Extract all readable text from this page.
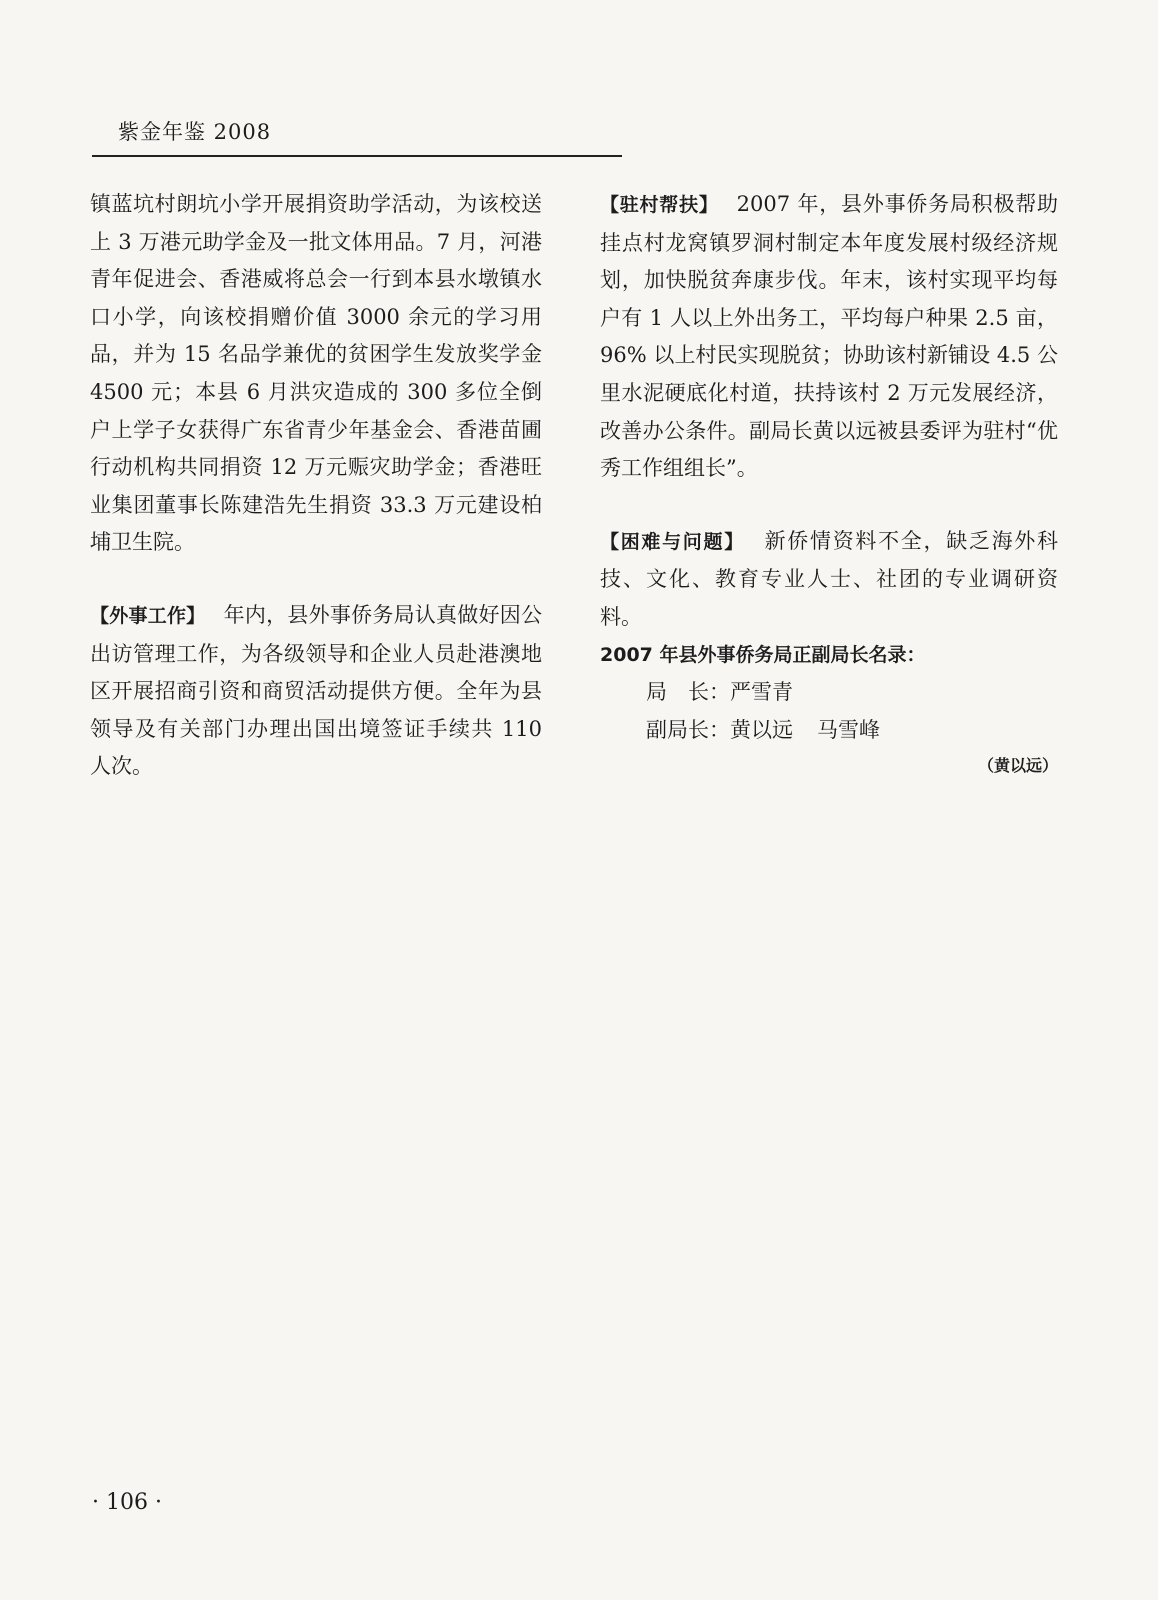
紫金年鉴 2008

镇蓝坑村朗坑小学开展捐资助学活动，为该校送上 3 万港元助学金及一批文体用品。7 月，河港青年促进会、香港威将总会一行到本县水墩镇水口小学，向该校捐赠价值 3000 余元的学习用品，并为 15 名品学兼优的贫困学生发放奖学金 4500 元；本县 6 月洪灾造成的 300 多位全倒户上学子女获得广东省青少年基金会、香港苗圃行动机构共同捐资 12 万元赈灾助学金；香港旺业集团董事长陈建浩先生捐资 33.3 万元建设柏埔卫生院。

【外事工作】 年内，县外事侨务局认真做好因公出访管理工作，为各级领导和企业人员赴港澳地区开展招商引资和商贸活动提供方便。全年为县领导及有关部门办理出国出境签证手续共 110 人次。

【驻村帮扶】 2007 年，县外事侨务局积极帮助挂点村龙窝镇罗洞村制定本年度发展村级经济规划，加快脱贫奔康步伐。年末，该村实现平均每户有 1 人以上外出务工，平均每户种果 2.5 亩，96% 以上村民实现脱贫；协助该村新铺设 4.5 公里水泥硬底化村道，扶持该村 2 万元发展经济，改善办公条件。副局长黄以远被县委评为驻村“优秀工作组组长”。

【困难与问题】 新侨情资料不全，缺乏海外科技、文化、教育专业人士、社团的专业调研资料。

2007 年县外事侨务局正副局长名录：

局　长：严雪青

副局长：黄以远 马雪峰

（黄以远）

· 106 ·
